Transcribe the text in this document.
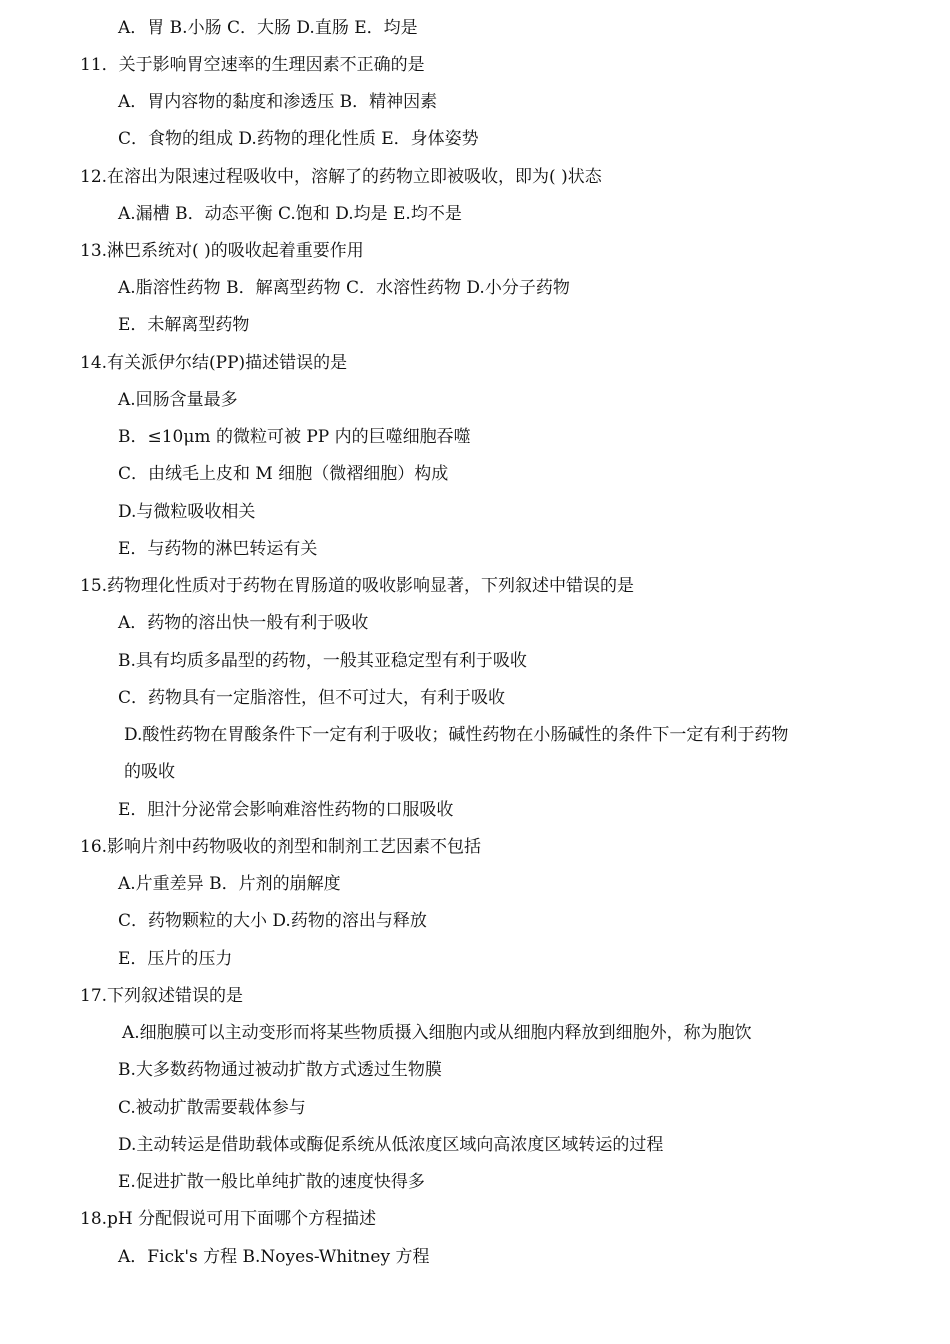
A．胃 B.小肠 C．大肠 D.直肠 E．均是
11．关于影响胃空速率的生理因素不正确的是
A．胃内容物的黏度和渗透压 B．精神因素
C．食物的组成 D.药物的理化性质 E．身体姿势
12.在溶出为限速过程吸收中，溶解了的药物立即被吸收，即为( )状态
A.漏槽 B．动态平衡 C.饱和 D.均是 E.均不是
13.淋巴系统对( )的吸收起着重要作用
A.脂溶性药物 B．解离型药物 C．水溶性药物 D.小分子药物
E．未解离型药物
14.有关派伊尔结(PP)描述错误的是
A.回肠含量最多
B．≤10μm 的微粒可被 PP 内的巨噬细胞吞噬
C．由绒毛上皮和 M 细胞（微褶细胞）构成
D.与微粒吸收相关
E．与药物的淋巴转运有关
15.药物理化性质对于药物在胃肠道的吸收影响显著，下列叙述中错误的是
A．药物的溶出快一般有利于吸收
B.具有均质多晶型的药物，一般其亚稳定型有利于吸收
C．药物具有一定脂溶性，但不可过大，有利于吸收
D.酸性药物在胃酸条件下一定有利于吸收；碱性药物在小肠碱性的条件下一定有利于药物
的吸收
E．胆汁分泌常会影响难溶性药物的口服吸收
16.影响片剂中药物吸收的剂型和制剂工艺因素不包括
A.片重差异 B．片剂的崩解度
C．药物颗粒的大小 D.药物的溶出与释放
E．压片的压力
17.下列叙述错误的是
A.细胞膜可以主动变形而将某些物质摄入细胞内或从细胞内释放到细胞外，称为胞饮
B.大多数药物通过被动扩散方式透过生物膜
C.被动扩散需要载体参与
D.主动转运是借助载体或酶促系统从低浓度区域向高浓度区域转运的过程
E.促进扩散一般比单纯扩散的速度快得多
18.pH 分配假说可用下面哪个方程描述
A．Fick's 方程 B.Noyes-Whitney 方程
